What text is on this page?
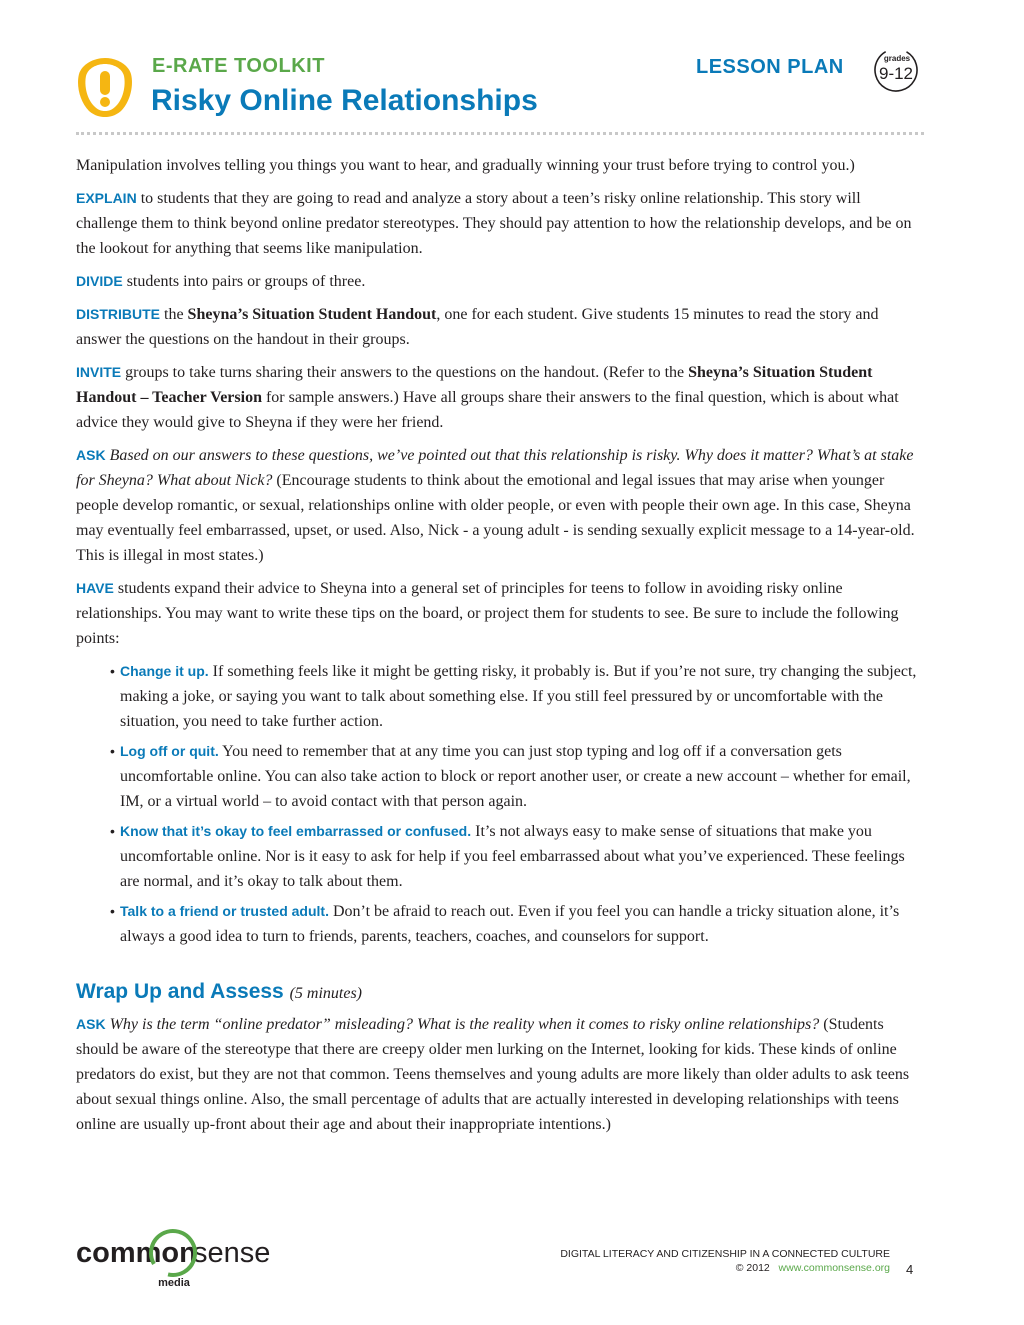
E-RATE TOOLKIT
Risky Online Relationships
LESSON PLAN	grades
9-12

Manipulation involves telling you things you want to hear, and gradually winning your trust before trying to control you.)

EXPLAIN to students that they are going to read and analyze a story about a teen’s risky online relationship. This story will challenge them to think beyond online predator stereotypes. They should pay attention to how the relationship develops, and be on the lookout for anything that seems like manipulation.

DIVIDE students into pairs or groups of three.

DISTRIBUTE the Sheyna’s Situation Student Handout, one for each student. Give students 15 minutes to read the story and answer the questions on the handout in their groups.

INVITE groups to take turns sharing their answers to the questions on the handout. (Refer to the Sheyna’s Situation Student Handout – Teacher Version for sample answers.) Have all groups share their answers to the final question, which is about what advice they would give to Sheyna if they were her friend.

ASK Based on our answers to these questions, we’ve pointed out that this relationship is risky. Why does it matter? What’s at stake for Sheyna? What about Nick? (Encourage students to think about the emotional and legal issues that may arise when younger people develop romantic, or sexual, relationships online with older people, or even with people their own age. In this case, Sheyna may eventually feel embarrassed, upset, or used. Also, Nick - a young adult - is sending sexually explicit message to a 14-year-old. This is illegal in most states.)

HAVE students expand their advice to Sheyna into a general set of principles for teens to follow in avoiding risky online relationships. You may want to write these tips on the board, or project them for students to see. Be sure to include the following points:

• Change it up. If something feels like it might be getting risky, it probably is. But if you’re not sure, try changing the subject, making a joke, or saying you want to talk about something else. If you still feel pressured by or uncomfortable with the situation, you need to take further action.
• Log off or quit. You need to remember that at any time you can just stop typing and log off if a conversation gets uncomfortable online. You can also take action to block or report another user, or create a new account – whether for email, IM, or a virtual world – to avoid contact with that person again.
• Know that it’s okay to feel embarrassed or confused. It’s not always easy to make sense of situations that make you uncomfortable online. Nor is it easy to ask for help if you feel embarrassed about what you’ve experienced. These feelings are normal, and it’s okay to talk about them.
• Talk to a friend or trusted adult. Don’t be afraid to reach out. Even if you feel you can handle a tricky situation alone, it’s always a good idea to turn to friends, parents, teachers, coaches, and counselors for support.
Wrap Up and Assess (5 minutes)

ASK Why is the term “online predator” misleading? What is the reality when it comes to risky online relationships? (Students should be aware of the stereotype that there are creepy older men lurking on the Internet, looking for kids. These kinds of online predators do exist, but they are not that common. Teens themselves and young adults are more likely than older adults to ask teens about sexual things online. Also, the small percentage of adults that are actually interested in developing relationships with teens online are usually up-front about their age and about their inappropriate intentions.)

common
sense
media
DIGITAL LITERACY AND CITIZENSHIP IN A CONNECTED CULTURE
© 2012 www.commonsense.org 4
